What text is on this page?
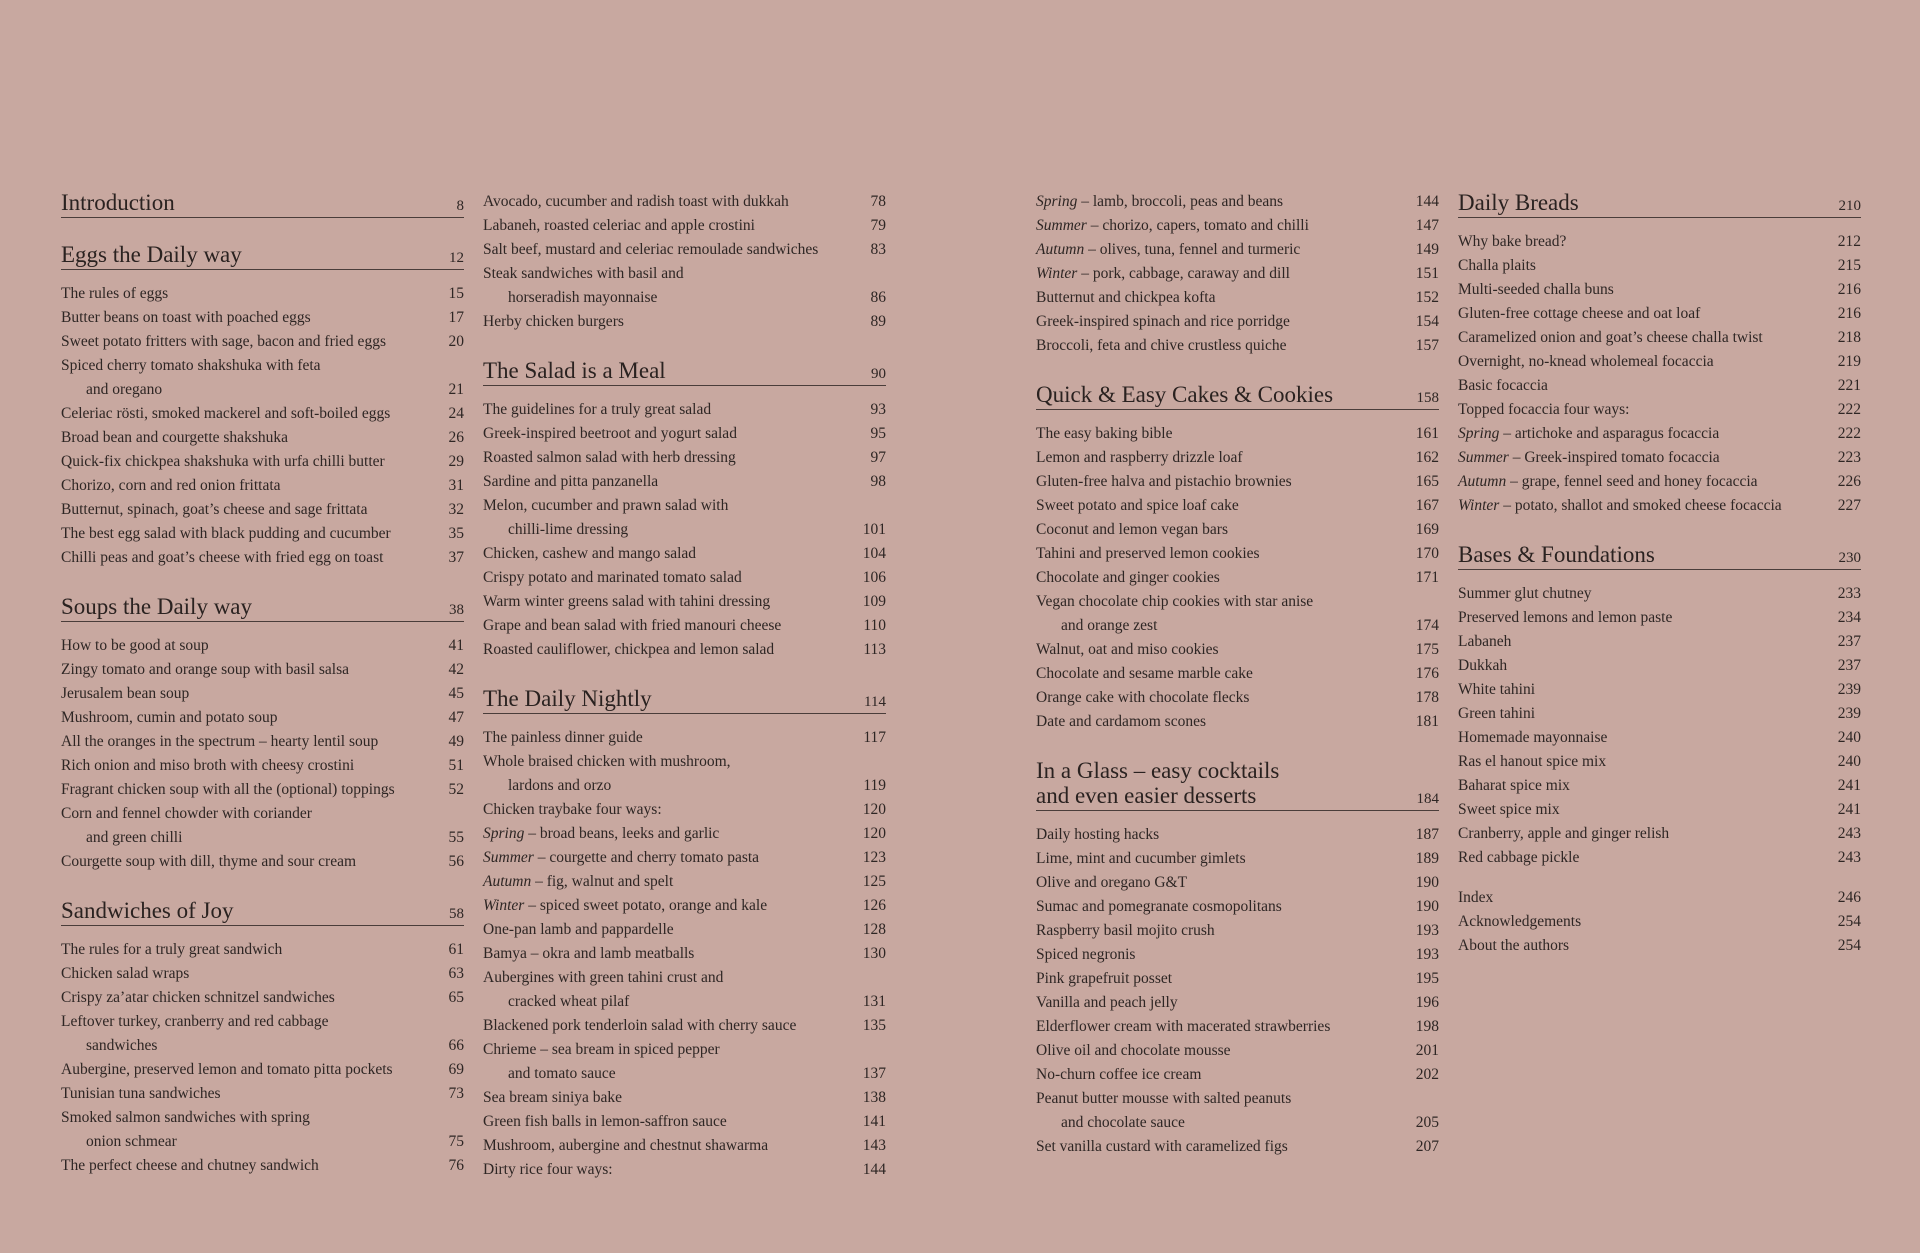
Introduction	8
Eggs the Daily way	12
The rules of eggs	15
Butter beans on toast with poached eggs	17
Sweet potato fritters with sage, bacon and fried eggs	20
Spiced cherry tomato shakshuka with feta
and oregano	21
Celeriac rösti, smoked mackerel and soft-boiled eggs	24
Broad bean and courgette shakshuka	26
Quick-fix chickpea shakshuka with urfa chilli butter	29
Chorizo, corn and red onion frittata	31
Butternut, spinach, goat’s cheese and sage frittata	32
The best egg salad with black pudding and cucumber	35
Chilli peas and goat’s cheese with fried egg on toast	37
Soups the Daily way	38
How to be good at soup	41
Zingy tomato and orange soup with basil salsa	42
Jerusalem bean soup	45
Mushroom, cumin and potato soup	47
All the oranges in the spectrum – hearty lentil soup	49
Rich onion and miso broth with cheesy crostini	51
Fragrant chicken soup with all the (optional) toppings	52
Corn and fennel chowder with coriander
and green chilli	55
Courgette soup with dill, thyme and sour cream	56
Sandwiches of Joy	58
The rules for a truly great sandwich	61
Chicken salad wraps	63
Crispy za’atar chicken schnitzel sandwiches	65
Leftover turkey, cranberry and red cabbage
sandwiches	66
Aubergine, preserved lemon and tomato pitta pockets	69
Tunisian tuna sandwiches	73
Smoked salmon sandwiches with spring
onion schmear	75
The perfect cheese and chutney sandwich	76
Avocado, cucumber and radish toast with dukkah	78
Labaneh, roasted celeriac and apple crostini	79
Salt beef, mustard and celeriac remoulade sandwiches	83
Steak sandwiches with basil and
horseradish mayonnaise	86
Herby chicken burgers	89
The Salad is a Meal	90
The guidelines for a truly great salad	93
Greek-inspired beetroot and yogurt salad	95
Roasted salmon salad with herb dressing	97
Sardine and pitta panzanella	98
Melon, cucumber and prawn salad with
chilli-lime dressing	101
Chicken, cashew and mango salad	104
Crispy potato and marinated tomato salad	106
Warm winter greens salad with tahini dressing	109
Grape and bean salad with fried manouri cheese	110
Roasted cauliflower, chickpea and lemon salad	113
The Daily Nightly	114
The painless dinner guide	117
Whole braised chicken with mushroom,
lardons and orzo	119
Chicken traybake four ways:	120
Spring – broad beans, leeks and garlic	120
Summer – courgette and cherry tomato pasta	123
Autumn – fig, walnut and spelt	125
Winter – spiced sweet potato, orange and kale	126
One-pan lamb and pappardelle	128
Bamya – okra and lamb meatballs	130
Aubergines with green tahini crust and
cracked wheat pilaf	131
Blackened pork tenderloin salad with cherry sauce	135
Chrieme – sea bream in spiced pepper
and tomato sauce	137
Sea bream siniya bake	138
Green fish balls in lemon-saffron sauce	141
Mushroom, aubergine and chestnut shawarma	143
Dirty rice four ways:	144
Spring – lamb, broccoli, peas and beans	144
Summer – chorizo, capers, tomato and chilli	147
Autumn – olives, tuna, fennel and turmeric	149
Winter – pork, cabbage, caraway and dill	151
Butternut and chickpea kofta	152
Greek-inspired spinach and rice porridge	154
Broccoli, feta and chive crustless quiche	157
Quick & Easy Cakes & Cookies	158
The easy baking bible	161
Lemon and raspberry drizzle loaf	162
Gluten-free halva and pistachio brownies	165
Sweet potato and spice loaf cake	167
Coconut and lemon vegan bars	169
Tahini and preserved lemon cookies	170
Chocolate and ginger cookies	171
Vegan chocolate chip cookies with star anise
and orange zest	174
Walnut, oat and miso cookies	175
Chocolate and sesame marble cake	176
Orange cake with chocolate flecks	178
Date and cardamom scones	181
In a Glass – easy cocktails
and even easier desserts	184
Daily hosting hacks	187
Lime, mint and cucumber gimlets	189
Olive and oregano G&T	190
Sumac and pomegranate cosmopolitans	190
Raspberry basil mojito crush	193
Spiced negronis	193
Pink grapefruit posset	195
Vanilla and peach jelly	196
Elderflower cream with macerated strawberries	198
Olive oil and chocolate mousse	201
No-churn coffee ice cream	202
Peanut butter mousse with salted peanuts
and chocolate sauce	205
Set vanilla custard with caramelized figs	207
Daily Breads	210
Why bake bread?	212
Challa plaits	215
Multi-seeded challa buns	216
Gluten-free cottage cheese and oat loaf	216
Caramelized onion and goat’s cheese challa twist	218
Overnight, no-knead wholemeal focaccia	219
Basic focaccia	221
Topped focaccia four ways:	222
Spring – artichoke and asparagus focaccia	222
Summer – Greek-inspired tomato focaccia	223
Autumn – grape, fennel seed and honey focaccia	226
Winter – potato, shallot and smoked cheese focaccia	227
Bases & Foundations	230
Summer glut chutney	233
Preserved lemons and lemon paste	234
Labaneh	237
Dukkah	237
White tahini	239
Green tahini	239
Homemade mayonnaise	240
Ras el hanout spice mix	240
Baharat spice mix	241
Sweet spice mix	241
Cranberry, apple and ginger relish	243
Red cabbage pickle	243
Index	246
Acknowledgements	254
About the authors	254
